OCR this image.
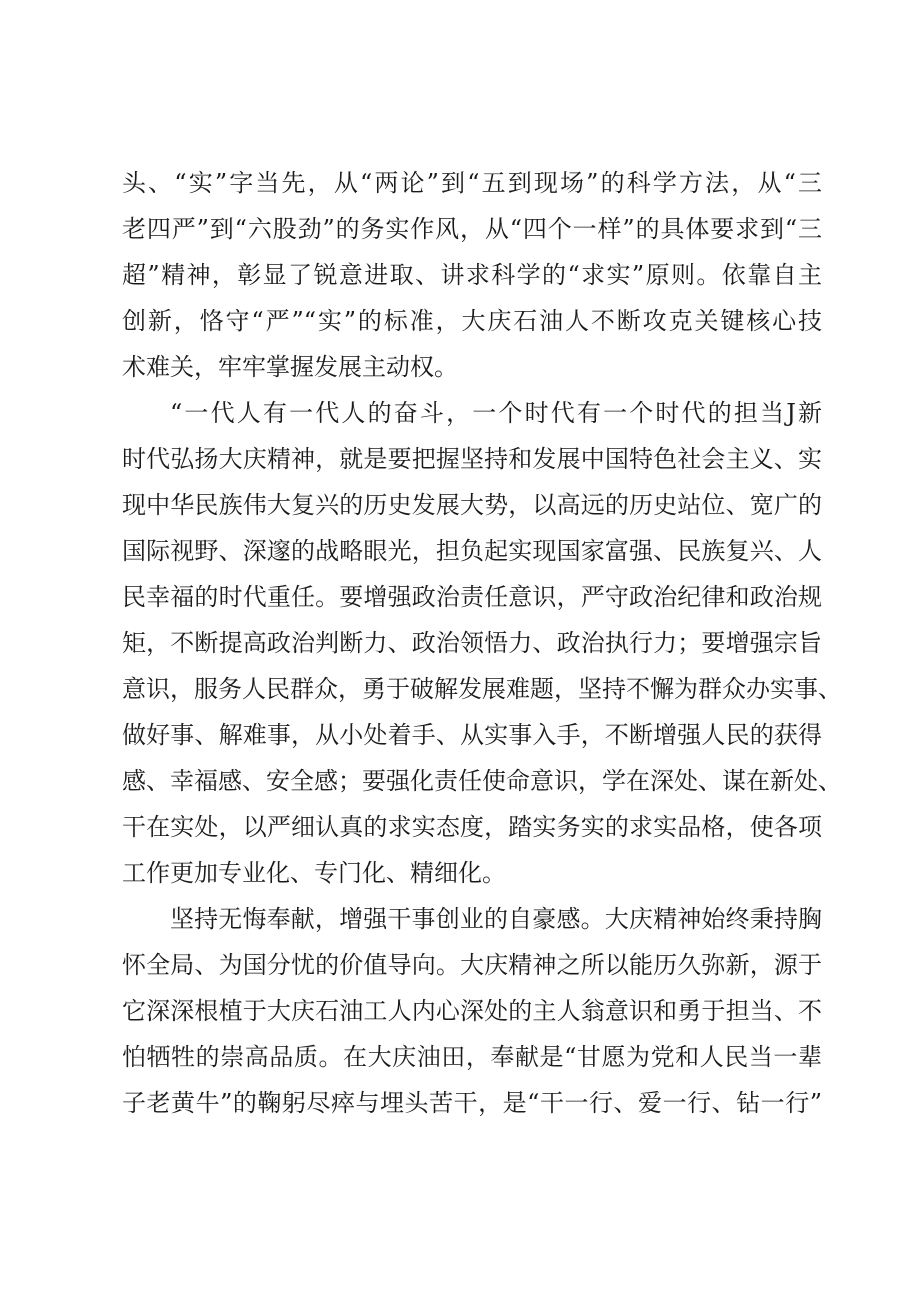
头、“实”字当先，从“两论”到“五到现场”的科学方法，从“三
老四严”到“六股劲”的务实作风，从“四个一样”的具体要求到“三
超”精神，彰显了锐意进取、讲求科学的“求实”原则。依靠自主
创新，恪守“严”“实”的标准，大庆石油人不断攻克关键核心技
术难关，牢牢掌握发展主动权。
“一代人有一代人的奋斗，一个时代有一个时代的担当J新
时代弘扬大庆精神，就是要把握坚持和发展中国特色社会主义、实
现中华民族伟大复兴的历史发展大势，以高远的历史站位、宽广的
国际视野、深邃的战略眼光，担负起实现国家富强、民族复兴、人
民幸福的时代重任。要增强政治责任意识，严守政治纪律和政治规
矩，不断提高政治判断力、政治领悟力、政治执行力；要增强宗旨
意识，服务人民群众，勇于破解发展难题，坚持不懈为群众办实事、
做好事、解难事，从小处着手、从实事入手，不断增强人民的获得
感、幸福感、安全感；要强化责任使命意识，学在深处、谋在新处、
干在实处，以严细认真的求实态度，踏实务实的求实品格，使各项
工作更加专业化、专门化、精细化。
坚持无悔奉献，增强干事创业的自豪感。大庆精神始终秉持胸
怀全局、为国分忧的价值导向。大庆精神之所以能历久弥新，源于
它深深根植于大庆石油工人内心深处的主人翁意识和勇于担当、不
怕牺牲的崇高品质。在大庆油田，奉献是“甘愿为党和人民当一辈
子老黄牛”的鞠躬尽瘁与埋头苦干，是“干一行、爱一行、钻一行”
